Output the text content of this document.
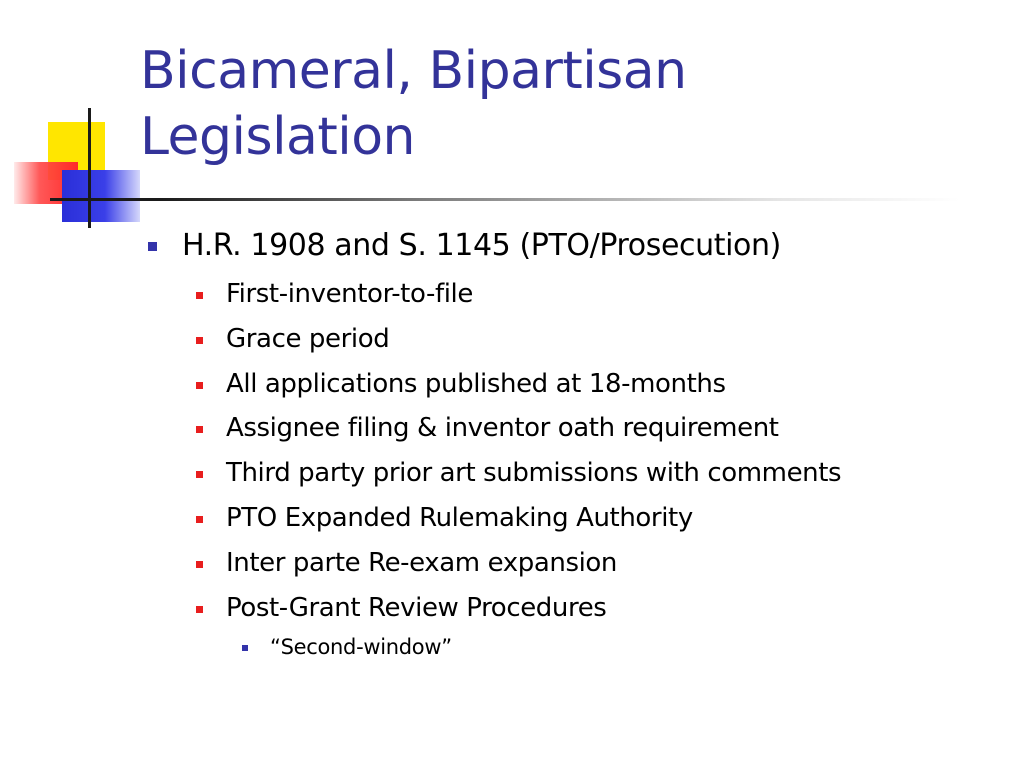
Bicameral, Bipartisan
Legislation
H.R. 1908 and S. 1145 (PTO/Prosecution)
First-inventor-to-file
Grace period
All applications published at 18-months
Assignee filing & inventor oath requirement
Third party prior art submissions with comments
PTO Expanded Rulemaking Authority
Inter parte Re-exam expansion
Post-Grant Review Procedures
“Second-window”
